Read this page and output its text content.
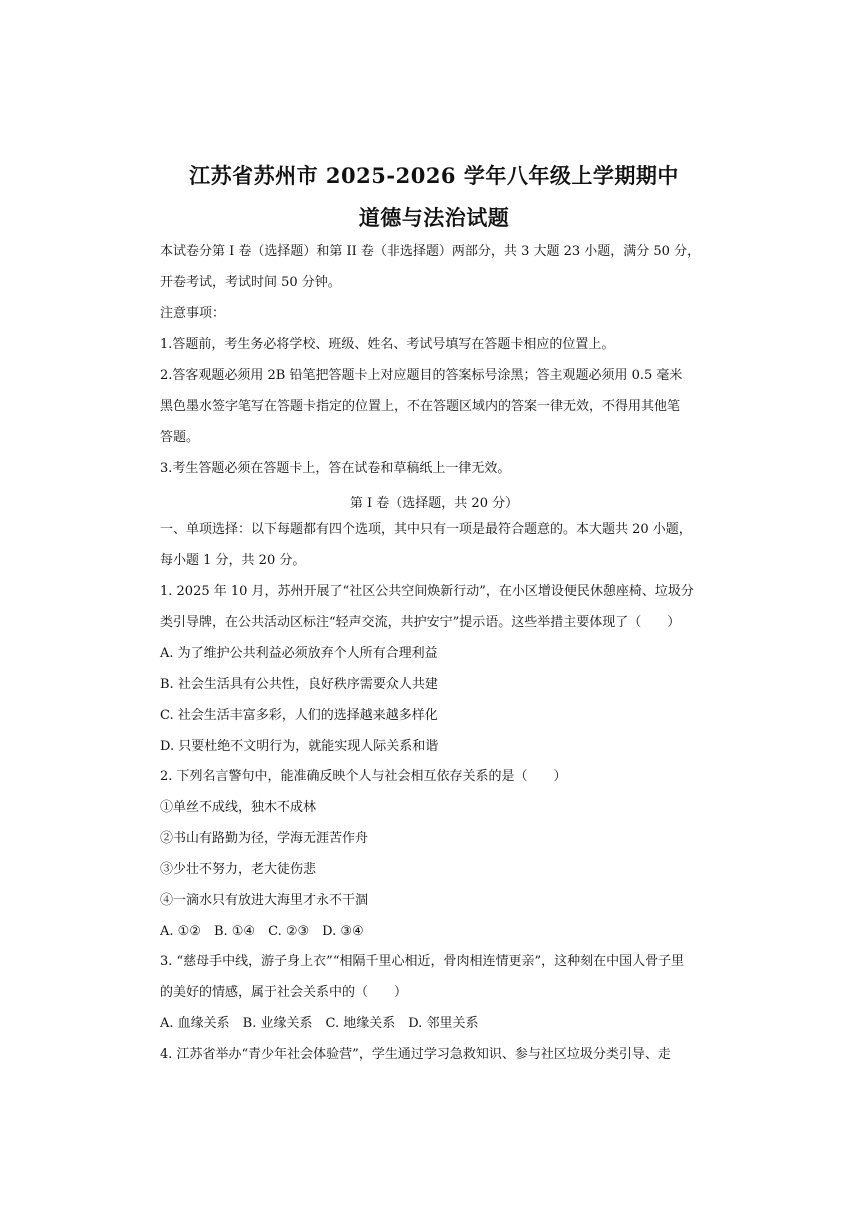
江苏省苏州市 2025-2026 学年八年级上学期期中
道德与法治试题
本试卷分第 I 卷（选择题）和第 II 卷（非选择题）两部分，共 3 大题 23 小题，满分 50 分，
开卷考试，考试时间 50 分钟。
注意事项：
1.答题前，考生务必将学校、班级、姓名、考试号填写在答题卡相应的位置上。
2.答客观题必须用 2B 铅笔把答题卡上对应题目的答案标号涂黑；答主观题必须用 0.5 毫米
黑色墨水签字笔写在答题卡指定的位置上，不在答题区域内的答案一律无效，不得用其他笔
答题。
3.考生答题必须在答题卡上，答在试卷和草稿纸上一律无效。
第 I 卷（选择题，共 20 分）
一、单项选择：以下每题都有四个选项，其中只有一项是最符合题意的。本大题共 20 小题，
每小题 1 分，共 20 分。
1. 2025 年 10 月，苏州开展了“社区公共空间焕新行动”，在小区增设便民休憩座椅、垃圾分
类引导牌，在公共活动区标注“轻声交流，共护安宁”提示语。这些举措主要体现了（　　）
A. 为了维护公共利益必须放弃个人所有合理利益
B. 社会生活具有公共性，良好秩序需要众人共建
C. 社会生活丰富多彩，人们的选择越来越多样化
D. 只要杜绝不文明行为，就能实现人际关系和谐
2. 下列名言警句中，能准确反映个人与社会相互依存关系的是（　　）
①单丝不成线，独木不成林
②书山有路勤为径，学海无涯苦作舟
③少壮不努力，老大徒伤悲
④一滴水只有放进大海里才永不干涸
A. ①②　B. ①④　C. ②③　D. ③④
3. “慈母手中线，游子身上衣”“相隔千里心相近，骨肉相连情更亲”，这种刻在中国人骨子里
的美好的情感，属于社会关系中的（　　）
A. 血缘关系　B. 业缘关系　C. 地缘关系　D. 邻里关系
4. 江苏省举办“青少年社会体验营”，学生通过学习急救知识、参与社区垃圾分类引导、走
